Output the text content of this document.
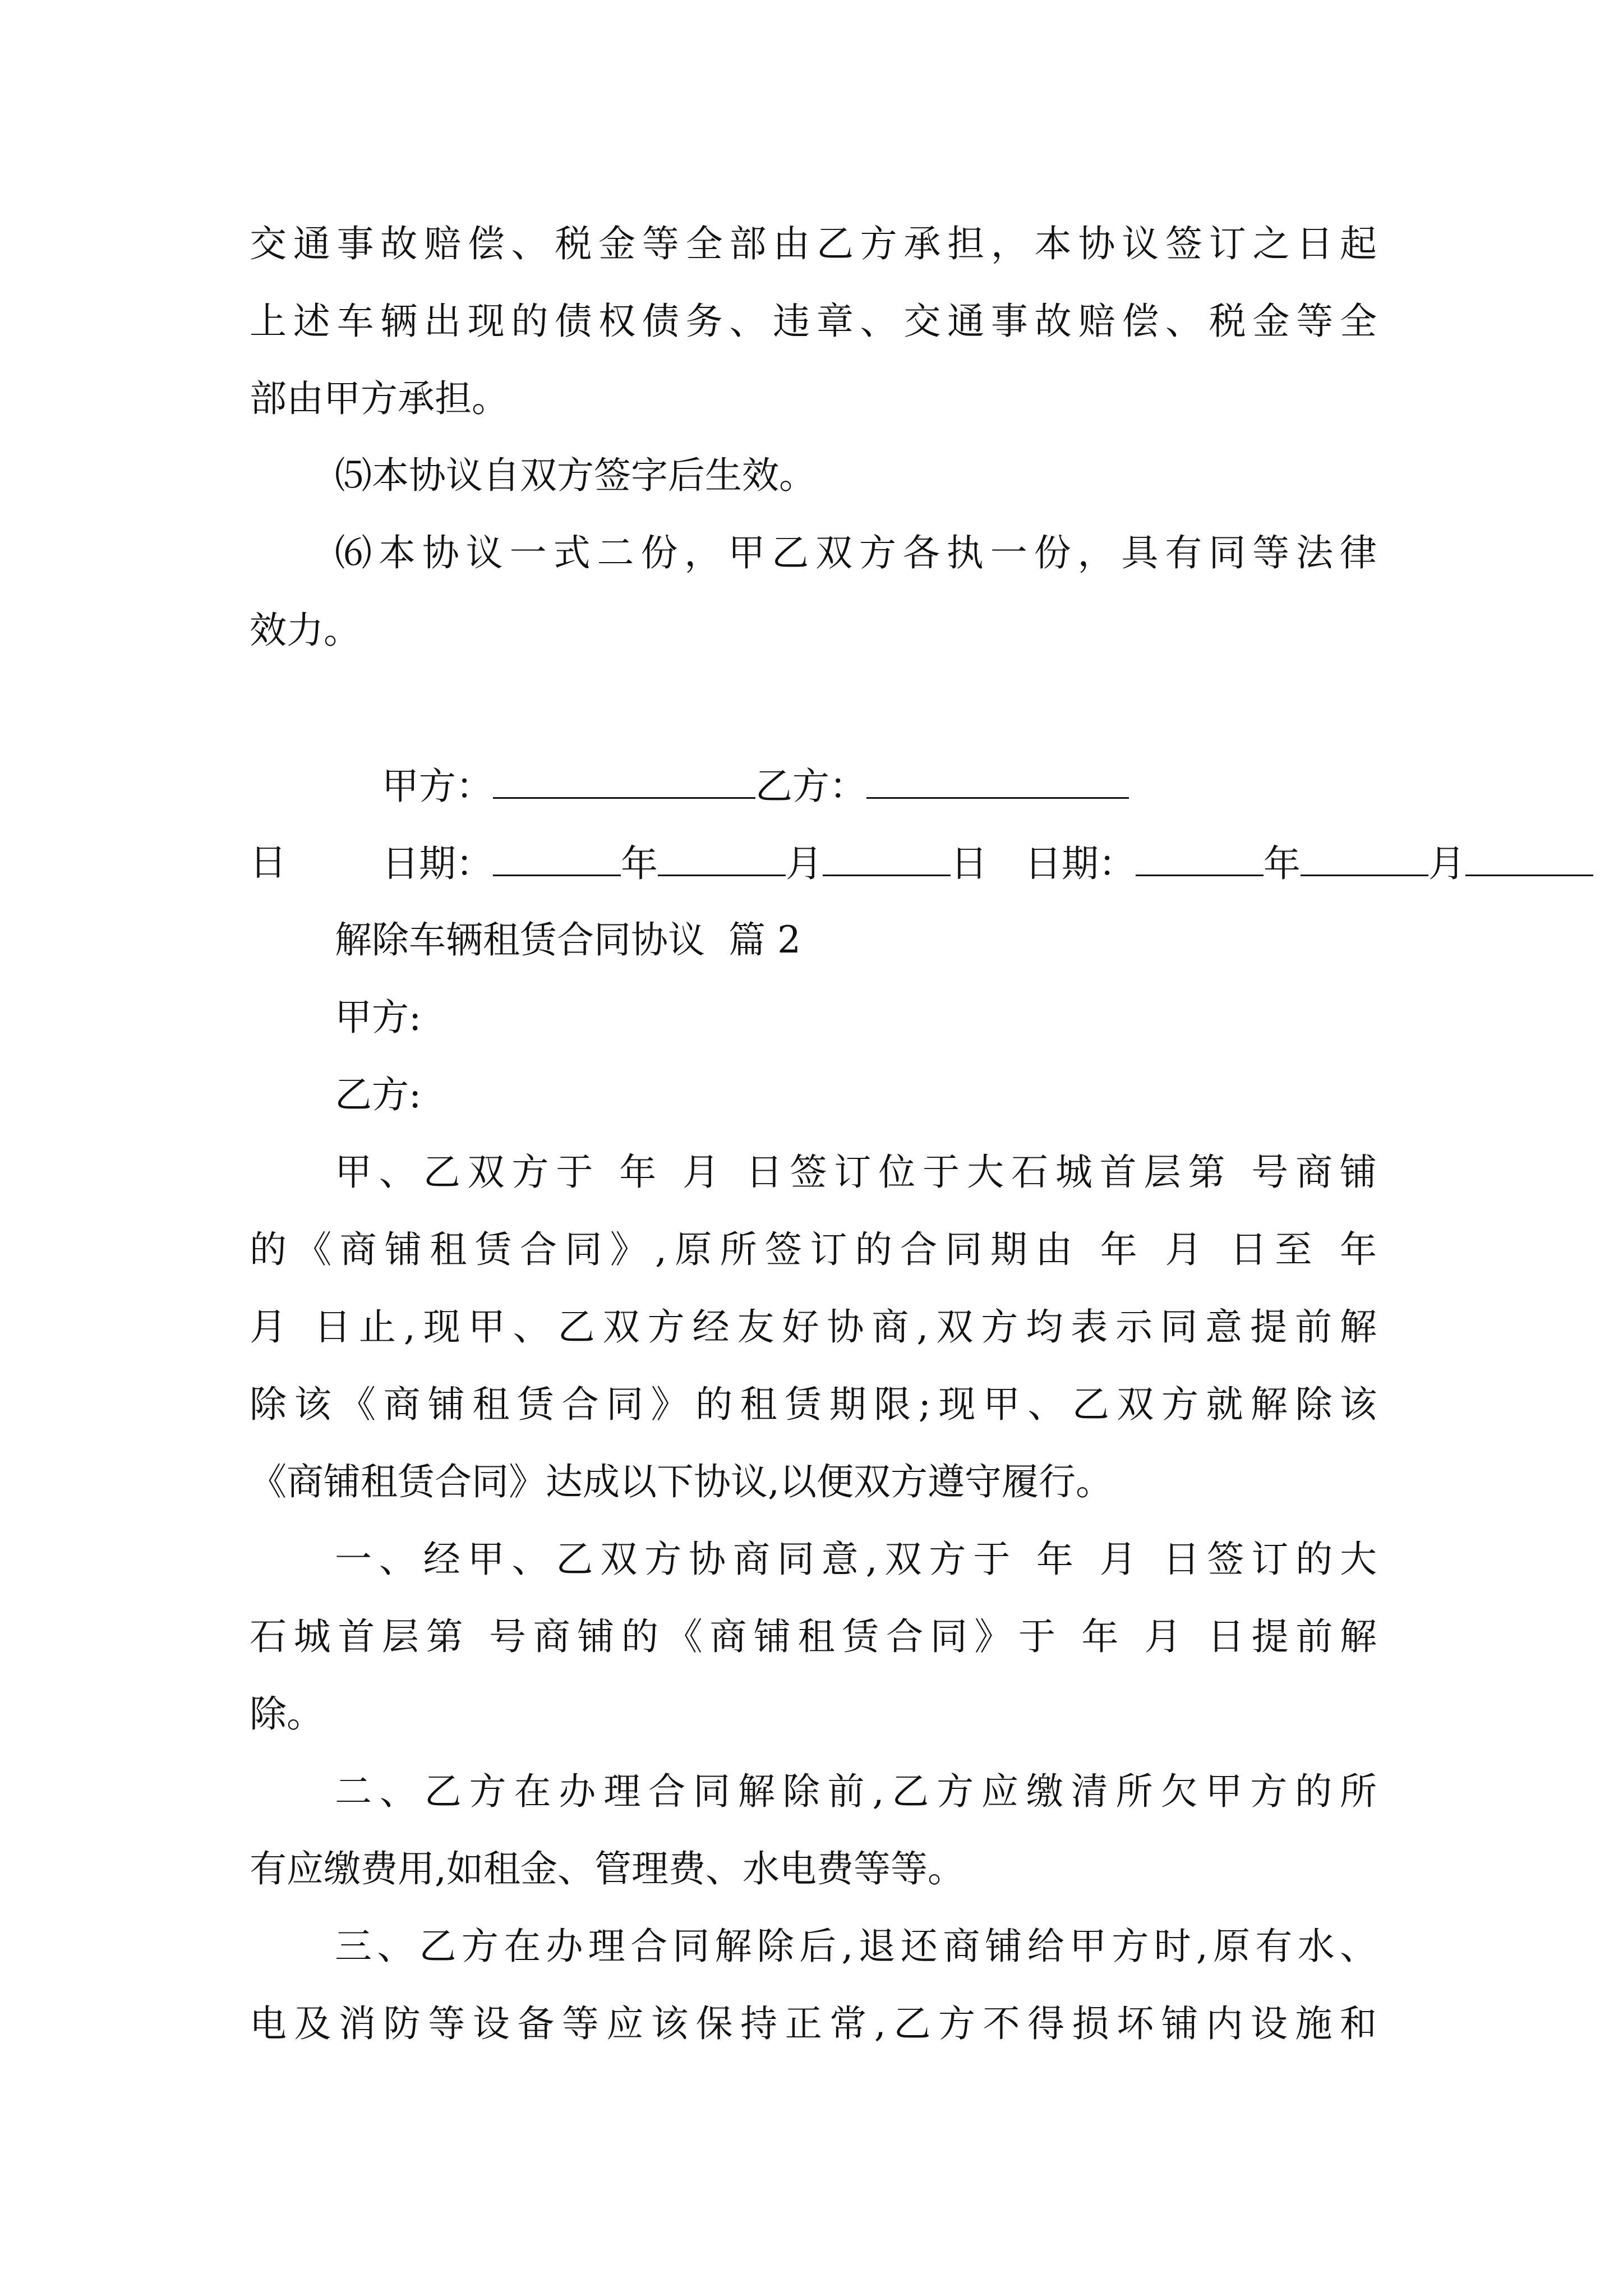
交通事故赔偿、税金等全部由乙方承担，本协议签订之日起
上述车辆出现的债权债务、违章、交通事故赔偿、税金等全
部由甲方承担。
⑸本协议自双方签字后生效。
⑹本协议一式二份，甲乙双方各执一份，具有同等法律
效力。

甲方：	乙方：

日期：	年	月	日 日期：	年	月

日
解除车辆租赁合同协议  篇 2
甲方:
乙方:
甲、乙双方于 年 月 日签订位于大石城首层第 号商铺
的《商铺租赁合同》,原所签订的合同期由 年 月 日至 年
月 日止,现甲、乙双方经友好协商,双方均表示同意提前解
除该《商铺租赁合同》的租赁期限;现甲、乙双方就解除该
《商铺租赁合同》达成以下协议,以便双方遵守履行。
一、经甲、乙双方协商同意,双方于 年 月 日签订的大
石城首层第 号商铺的《商铺租赁合同》于 年 月 日提前解
除。
二、乙方在办理合同解除前,乙方应缴清所欠甲方的所
有应缴费用,如租金、管理费、水电费等等。
三、乙方在办理合同解除后,退还商铺给甲方时,原有水、
电及消防等设备等应该保持正常,乙方不得损坏铺内设施和
